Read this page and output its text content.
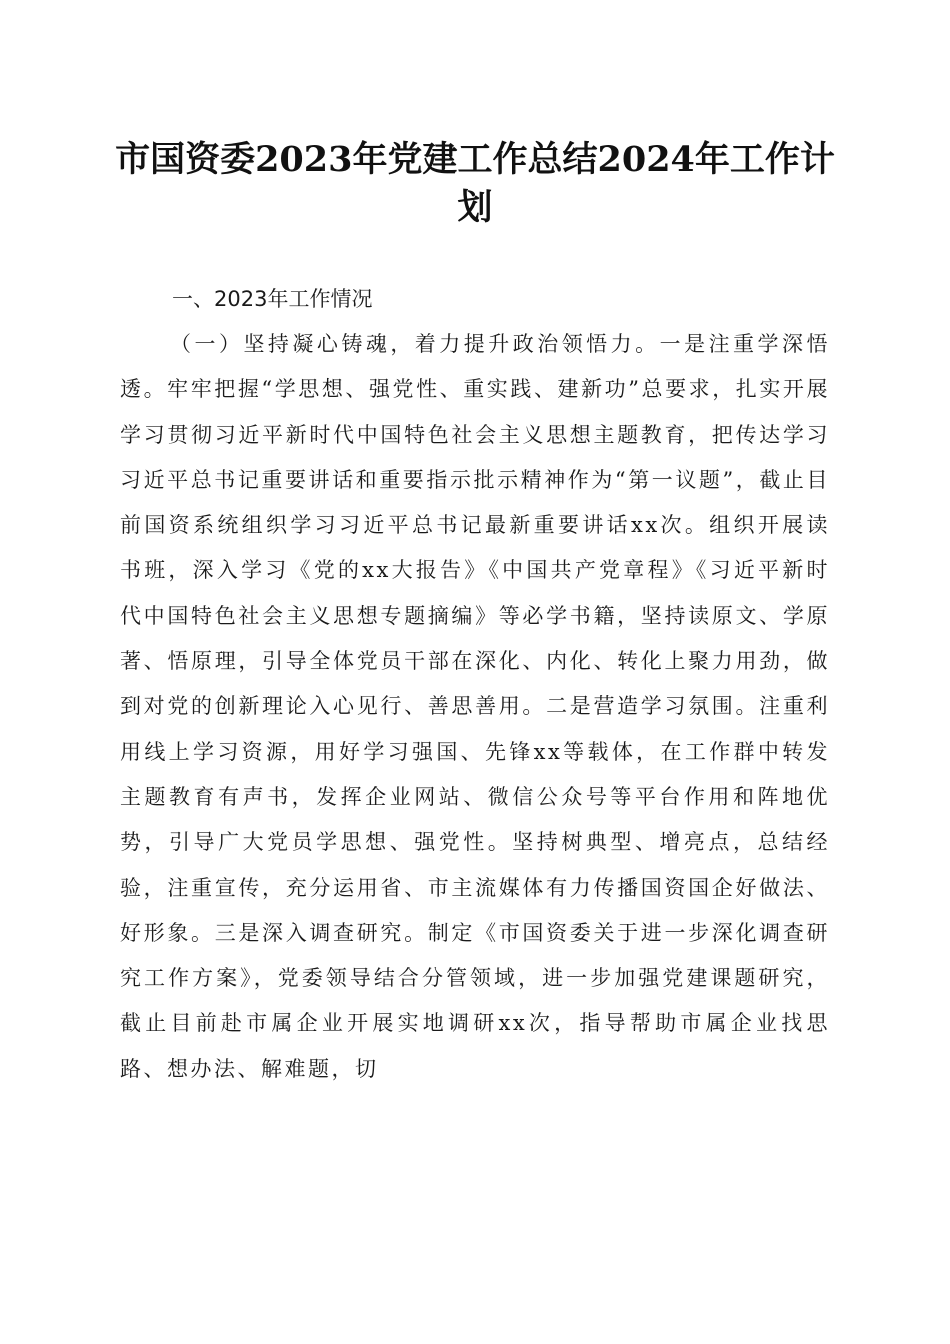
市国资委2023年党建工作总结2024年工作计划
一、2023年工作情况

（一）坚持凝心铸魂，着力提升政治领悟力。一是注重学深悟透。牢牢把握“学思想、强党性、重实践、建新功”总要求，扎实开展学习贯彻习近平新时代中国特色社会主义思想主题教育，把传达学习习近平总书记重要讲话和重要指示批示精神作为“第一议题”，截止目前国资系统组织学习习近平总书记最新重要讲话xx次。组织开展读书班，深入学习《党的xx大报告》《中国共产党章程》《习近平新时代中国特色社会主义思想专题摘编》等必学书籍，坚持读原文、学原著、悟原理，引导全体党员干部在深化、内化、转化上聚力用劲，做到对党的创新理论入心见行、善思善用。二是营造学习氛围。注重利用线上学习资源，用好学习强国、先锋xx等载体，在工作群中转发主题教育有声书，发挥企业网站、微信公众号等平台作用和阵地优势，引导广大党员学思想、强党性。坚持树典型、增亮点，总结经验，注重宣传，充分运用省、市主流媒体有力传播国资国企好做法、好形象。三是深入调查研究。制定《市国资委关于进一步深化调查研究工作方案》，党委领导结合分管领域，进一步加强党建课题研究，截止目前赴市属企业开展实地调研xx次，指导帮助市属企业找思路、想办法、解难题，切
